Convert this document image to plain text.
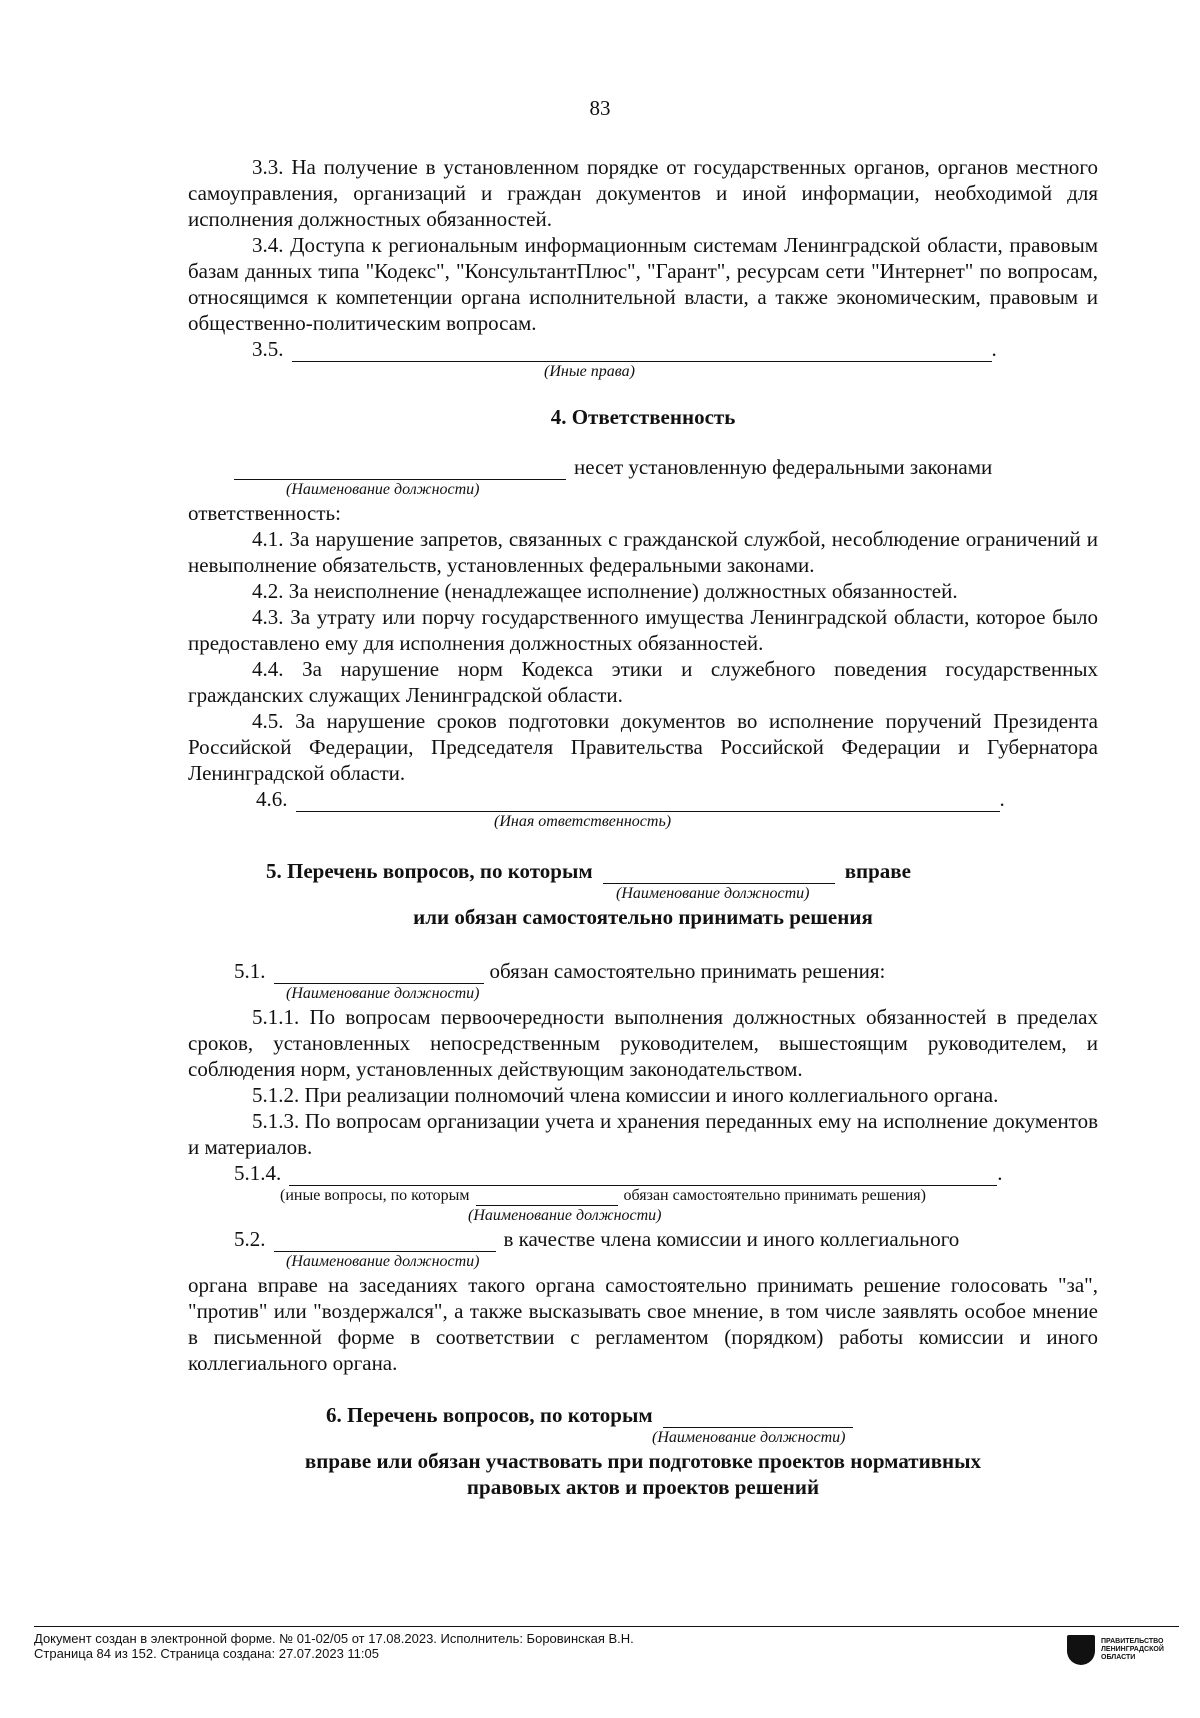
83

3.3. На получение в установленном порядке от государственных органов, органов местного самоуправления, организаций и граждан документов и иной информации, необходимой для исполнения должностных обязанностей.

3.4. Доступа к региональным информационным системам Ленинградской области, правовым базам данных типа "Кодекс", "КонсультантПлюс", "Гарант", ресурсам сети "Интернет" по вопросам, относящимся к компетенции органа исполнительной власти, а также экономическим, правовым и общественно-политическим вопросам.

3.5.	.
(Иные права)

4. Ответственность

несет установленную федеральными законами
(Наименование должности)

ответственность:

4.1. За нарушение запретов, связанных с гражданской службой, несоблюдение ограничений и невыполнение обязательств, установленных федеральными законами.

4.2. За неисполнение (ненадлежащее исполнение) должностных обязанностей.

4.3. За утрату или порчу государственного имущества Ленинградской области, которое было предоставлено ему для исполнения должностных обязанностей.

4.4. За нарушение норм Кодекса этики и служебного поведения государственных гражданских служащих Ленинградской области.

4.5. За нарушение сроков подготовки документов во исполнение поручений Президента Российской Федерации, Председателя Правительства Российской Федерации и Губернатора Ленинградской области.

4.6.	.
(Иная ответственность)
5. Перечень вопросов, по которым	вправе
(Наименование должности)

или обязан самостоятельно принимать решения

5.1.	обязан самостоятельно принимать решения:
(Наименование должности)

5.1.1. По вопросам первоочередности выполнения должностных обязанностей в пределах сроков, установленных непосредственным руководителем, вышестоящим руководителем, и соблюдения норм, установленных действующим законодательством.

5.1.2. При реализации полномочий члена комиссии и иного коллегиального органа.

5.1.3. По вопросам организации учета и хранения переданных ему на исполнение документов и материалов.

5.1.4.	.
(иные вопросы, по которым	обязан самостоятельно принимать решения)
(Наименование должности)
5.2.	в качестве члена комиссии и иного коллегиального
(Наименование должности)

органа вправе на заседаниях такого органа самостоятельно принимать решение голосовать "за", "против" или "воздержался", а также высказывать свое мнение, в том числе заявлять особое мнение в письменной форме в соответствии с регламентом (порядком) работы комиссии и иного коллегиального органа.

6. Перечень вопросов, по которым
(Наименование должности)

вправе или обязан участвовать при подготовке проектов нормативных

правовых актов и проектов решений

Документ создан в электронной форме. № 01-02/05 от 17.08.2023. Исполнитель: Боровинская В.Н.
Страница 84 из 152. Страница создана: 27.07.2023 11:05
ПРАВИТЕЛЬСТВО ЛЕНИНГРАДСКОЙ ОБЛАСТИ
